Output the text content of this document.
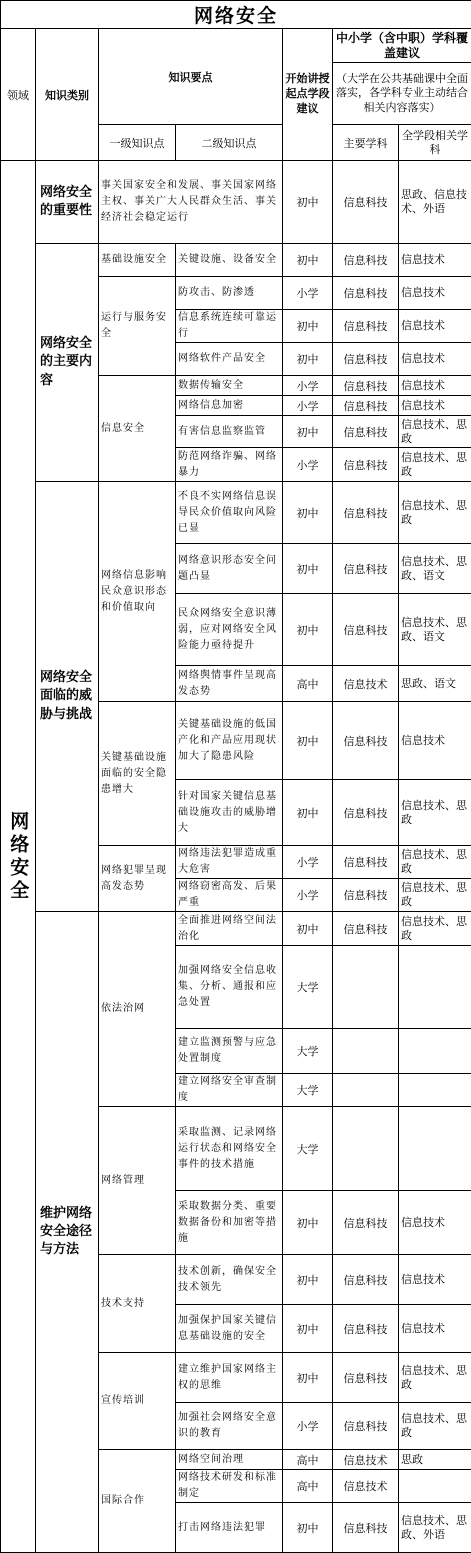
网络安全						
领域	知识类别	知识要点		开始讲授起点学段建议	中小学（含中职）学科覆盖建议	
					（大学在公共基础课中全面落实，各学科专业主动结合相关内容落实）	
		一级知识点	二级知识点		主要学科	全学段相关学科

网络安全	网络安全的重要性	事关国家安全和发展、事关国家网络主权、事关广大人民群众生活、事关经济社会稳定运行		初中	信息科技	思政、信息技术、外语
	网络安全的主要内容	基础设施安全	关键设施、设备安全	初中	信息科技	信息技术
		运行与服务安全	防攻击、防渗透	小学	信息科技	信息技术
			信息系统连续可靠运行	初中	信息科技	信息技术
			网络软件产品安全	初中	信息科技	信息技术
		信息安全	数据传输安全	小学	信息科技	信息技术
			网络信息加密	小学	信息科技	信息技术
			有害信息监察监管	初中	信息科技	信息技术、思政
			防范网络诈骗、网络暴力	小学	信息科技	信息技术、思政
	网络安全面临的威胁与挑战	网络信息影响民众意识形态和价值取向	不良不实网络信息误导民众价值取向风险已显	初中	信息科技	信息技术、思政
			网络意识形态安全问题凸显	初中	信息科技	信息技术、思政、语文
			民众网络安全意识薄弱，应对网络安全风险能力亟待提升	初中	信息科技	信息技术、思政、语文
			网络舆情事件呈现高发态势	高中	信息技术	思政、语文
		关键基础设施面临的安全隐患增大	关键基础设施的低国产化和产品应用现状加大了隐患风险	初中	信息科技	信息技术
			针对国家关键信息基础设施攻击的威胁增大	初中	信息科技	信息技术、思政
		网络犯罪呈现高发态势	网络违法犯罪造成重大危害	小学	信息科技	信息技术、思政
			网络窃密高发、后果严重	小学	信息科技	信息技术、思政
	维护网络安全途径与方法	依法治网	全面推进网络空间法治化	初中	信息科技	信息技术、思政
			加强网络安全信息收集、分析、通报和应急处置	大学		
			建立监测预警与应急处置制度	大学		
			建立网络安全审查制度	大学		
		网络管理	采取监测、记录网络运行状态和网络安全事件的技术措施	大学		
			采取数据分类、重要数据备份和加密等措施	初中	信息科技	信息技术
		技术支持	技术创新，确保安全技术领先	初中	信息科技	信息技术
			加强保护国家关键信息基础设施的安全	初中	信息科技	信息技术
		宣传培训	建立维护国家网络主权的思维	初中	信息科技	信息技术、思政
			加强社会网络安全意识的教育	小学	信息科技	信息技术、思政
		国际合作	网络空间治理	高中	信息技术	思政
			网络技术研发和标准制定	高中	信息技术	
			打击网络违法犯罪	初中	信息科技	信息技术、思政、外语
